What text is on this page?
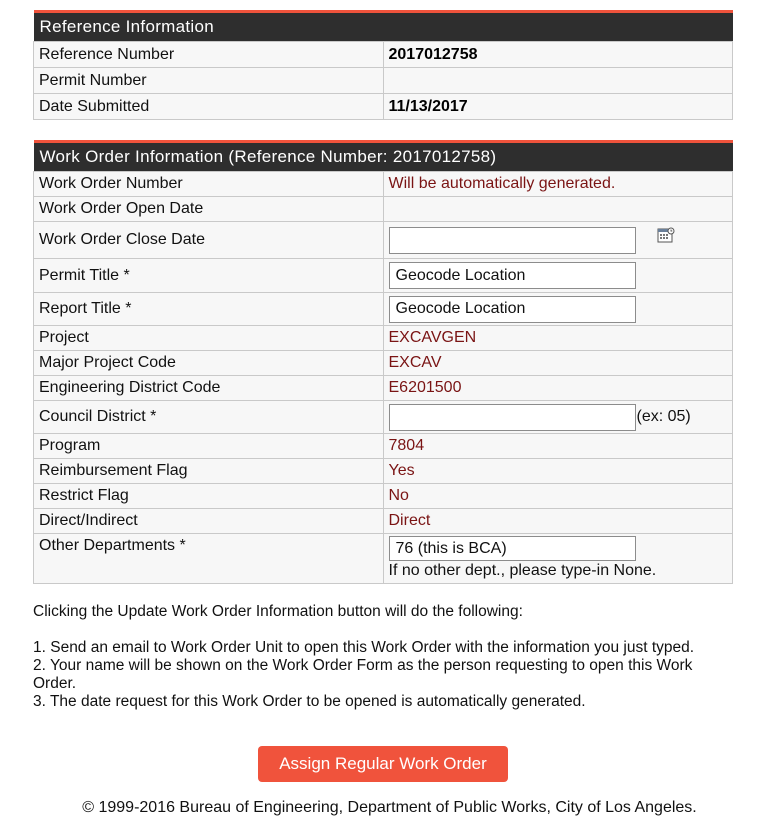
Reference Information	
Reference Number	2017012758
Permit Number	
Date Submitted	11/13/2017
Work Order Information (Reference Number: 2017012758)	
Work Order Number	Will be automatically generated.
Work Order Open Date	
Work Order Close Date	
Permit Title *	Geocode Location
Report Title *	Geocode Location
Project	EXCAVGEN
Major Project Code	EXCAV
Engineering District Code	E6201500
Council District *	(ex: 05)
Program	7804
Reimbursement Flag	Yes
Restrict Flag	No
Direct/Indirect	Direct
Other Departments *	76 (this is BCA)
If no other dept., please type-in None.
Clicking the Update Work Order Information button will do the following:
1. Send an email to Work Order Unit to open this Work Order with the information you just typed.
2. Your name will be shown on the Work Order Form as the person requesting to open this Work Order.
3. The date request for this Work Order to be opened is automatically generated.
Assign Regular Work Order
© 1999-2016 Bureau of Engineering, Department of Public Works, City of Los Angeles.
